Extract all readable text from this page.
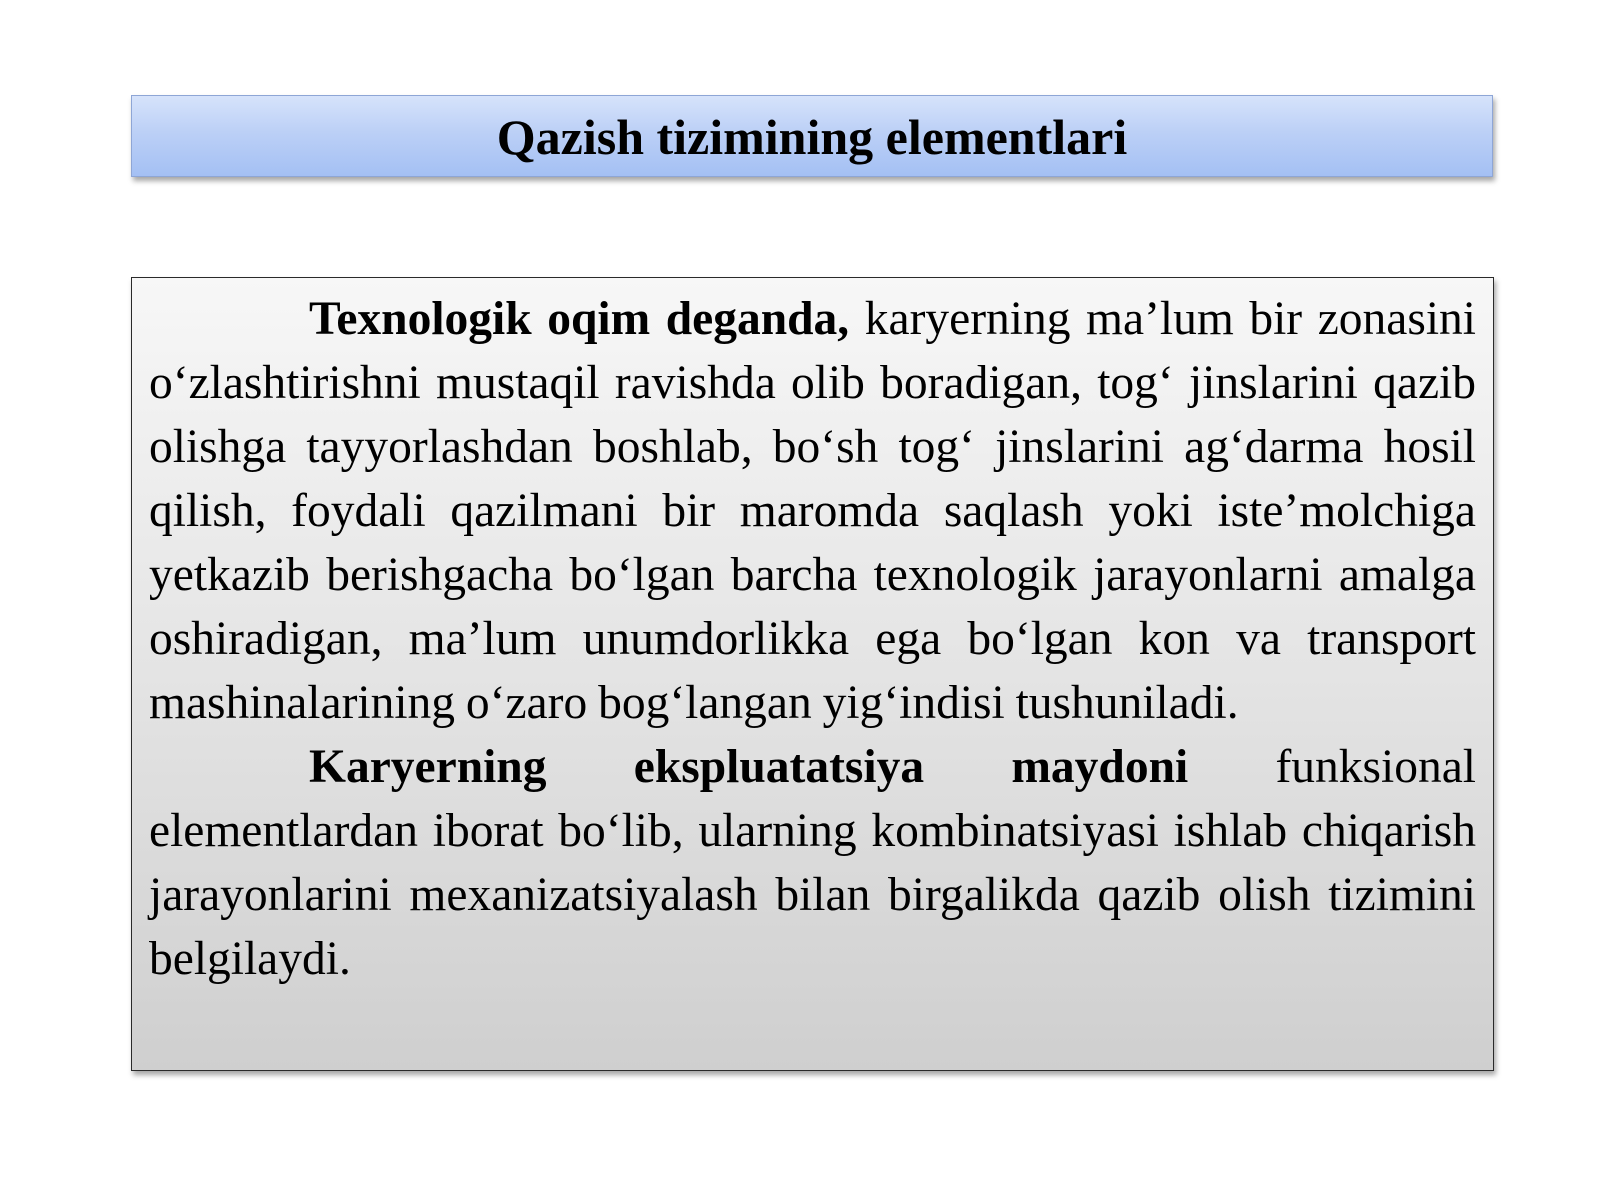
Qazish tizimining elementlari

Texnologik oqim deganda, karyerning ma’lum bir zonasini o‘zlashtirishni mustaqil ravishda olib boradigan, tog‘ jinslarini qazib olishga tayyorlashdan boshlab, bo‘sh tog‘ jinslarini ag‘darma hosil qilish, foydali qazilmani bir maromda saqlash yoki iste’molchiga yetkazib berishgacha bo‘lgan barcha texnologik jarayonlarni amalga oshiradigan, ma’lum unumdorlikka ega bo‘lgan kon va transport mashinalarining o‘zaro bog‘langan yig‘indisi tushuniladi.

Karyerning ekspluatatsiya maydoni funksional elementlardan iborat bo‘lib, ularning kombinatsiyasi ishlab chiqarish jarayonlarini mexanizatsiyalash bilan birgalikda qazib olish tizimini belgilaydi.
